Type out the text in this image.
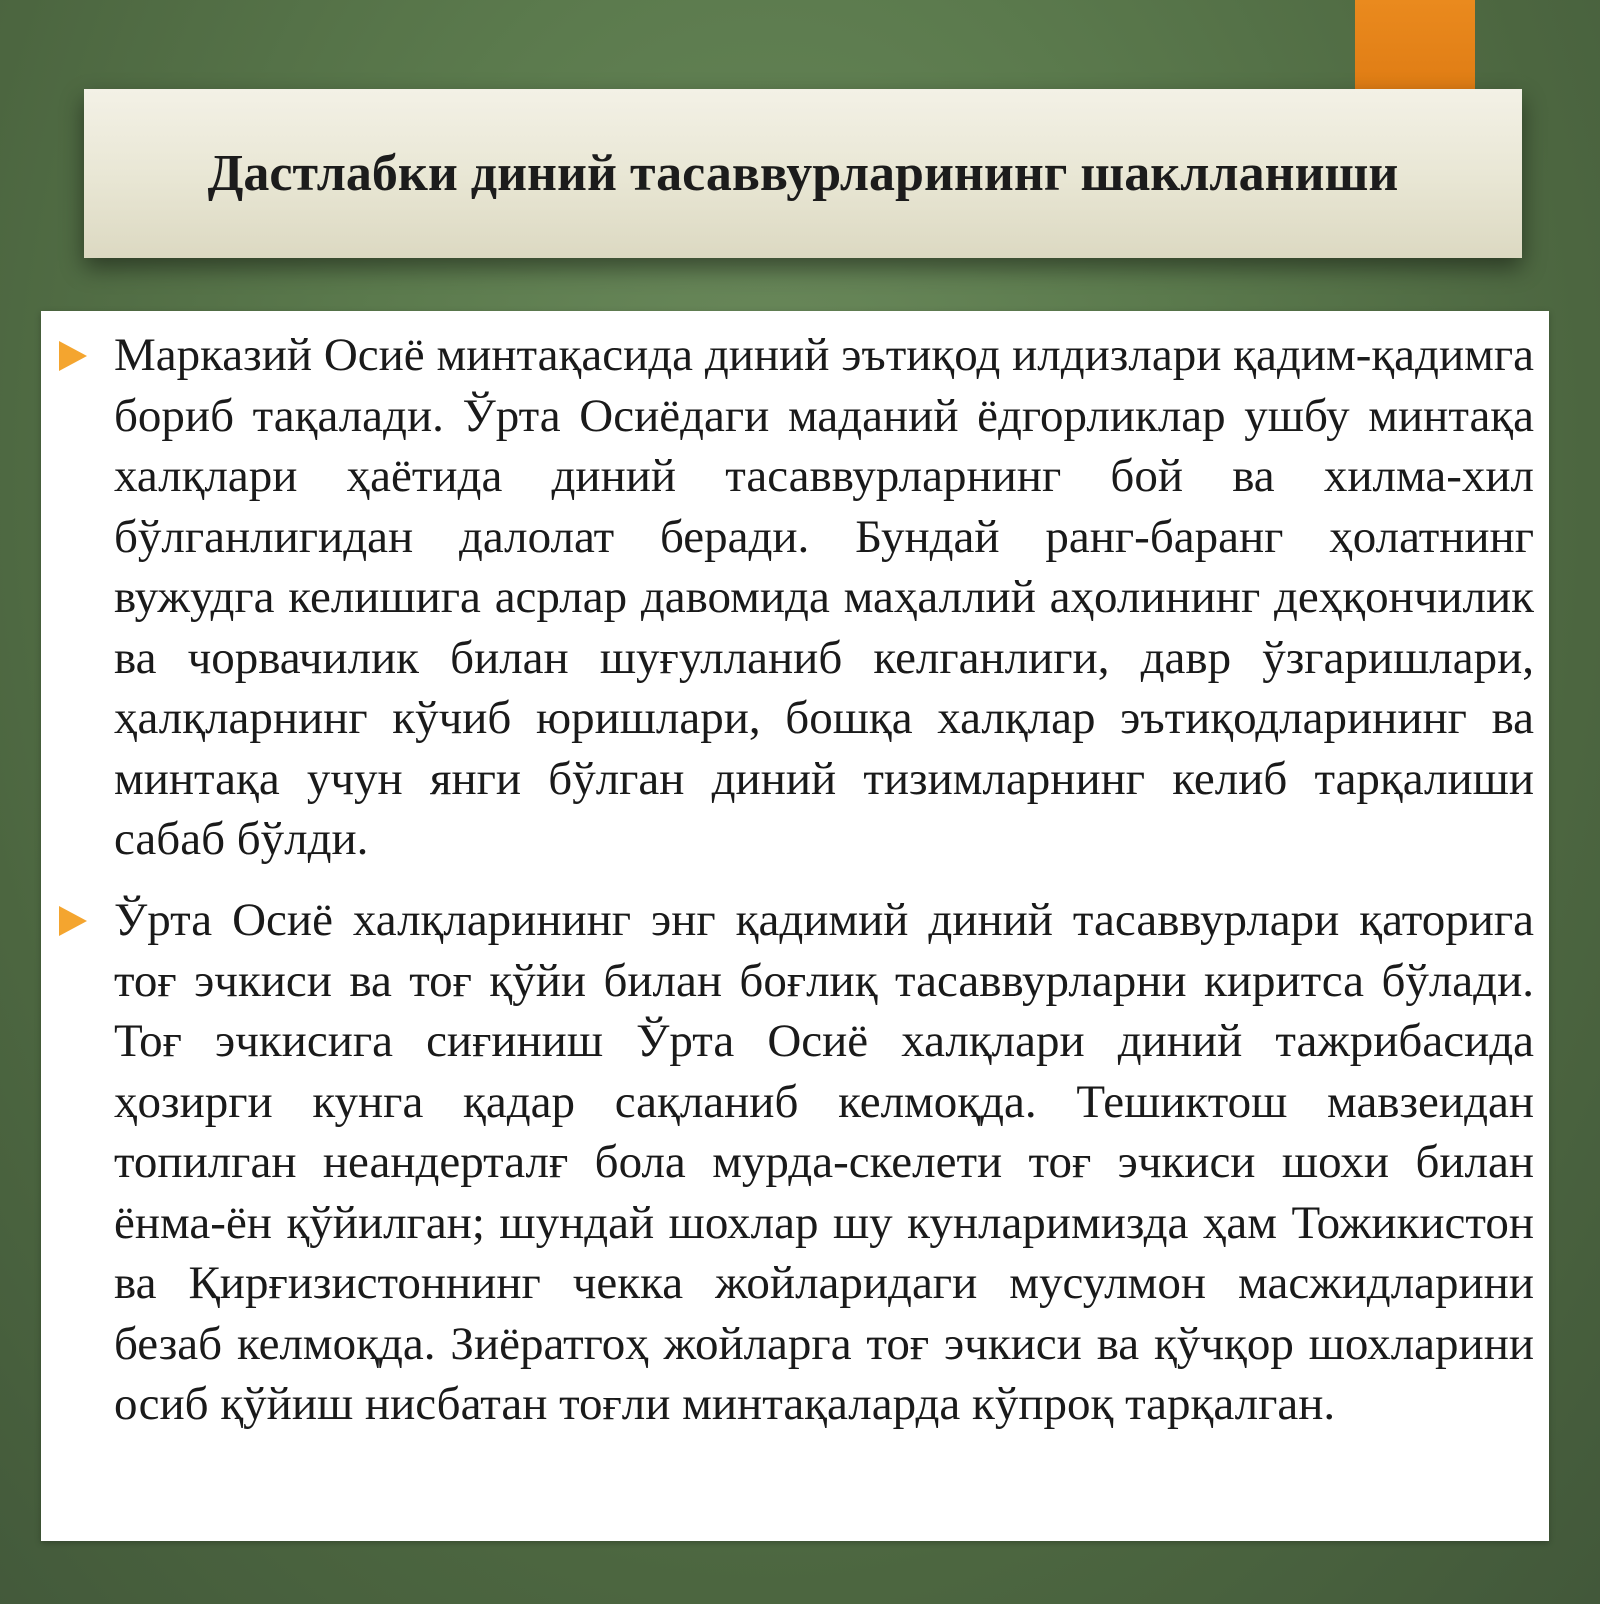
Дастлабки диний тасаввурларининг шаклланиши

Марказий Осиё минтақасида диний эътиқод илдизлари қадим-қадимга бориб тақалади. Ўрта Осиёдаги маданий ёдгорликлар ушбу минтақа халқлари ҳаётида диний тасаввурларнинг бой ва хилма-хил бўлганлигидан далолат беради. Бундай ранг-баранг ҳолатнинг вужудга келишига асрлар давомида маҳаллий аҳолининг деҳқончилик ва чорвачилик билан шуғулланиб келганлиги, давр ўзгаришлари, ҳалқларнинг кўчиб юришлари, бошқа халқлар эътиқодларининг ва минтақа учун янги бўлган диний тизимларнинг келиб тарқалиши сабаб бўлди.

Ўрта Осиё халқларининг энг қадимий диний тасаввурлари қаторига тоғ эчкиси ва тоғ қўйи билан боғлиқ тасаввурларни киритса бўлади. Тоғ эчкисига сиғиниш Ўрта Осиё халқлари диний тажрибасида ҳозирги кунга қадар сақланиб келмоқда. Тешиктош мавзеидан топилган неандерталғ бола мурда-скелети тоғ эчкиси шохи билан ёнма-ён қўйилган; шундай шохлар шу кунларимизда ҳам Тожикистон ва Қирғизистоннинг чекка жойларидаги мусулмон масжидларини безаб келмоқда. Зиёратгоҳ жойларга тоғ эчкиси ва қўчқор шохларини осиб қўйиш нисбатан тоғли минтақаларда кўпроқ тарқалган.
